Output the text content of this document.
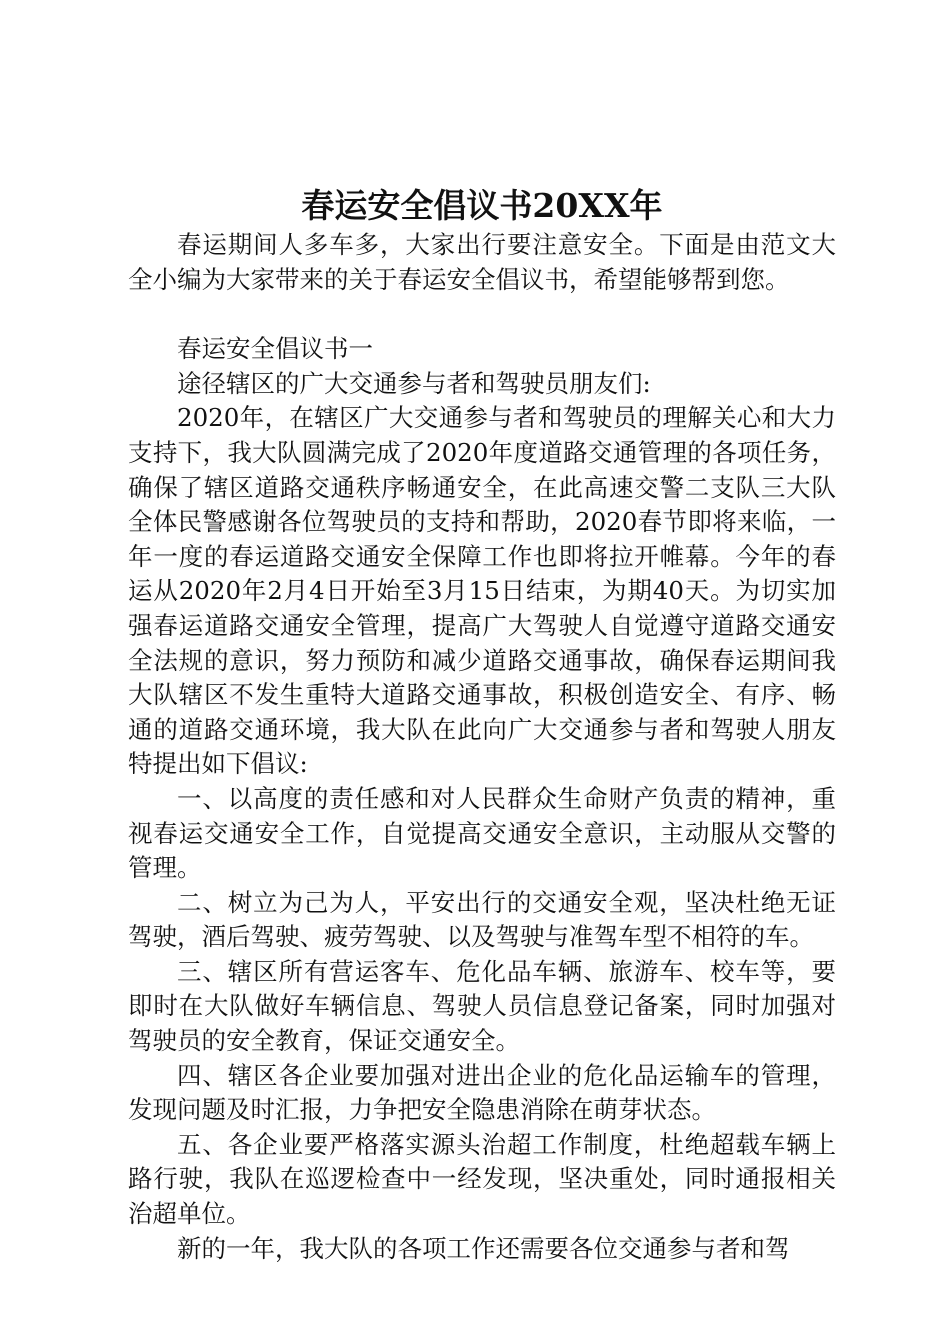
春运安全倡议书20XX年

春运期间人多车多，大家出行要注意安全。下面是由范文大全小编为大家带来的关于春运安全倡议书，希望能够帮到您。

春运安全倡议书一

途径辖区的广大交通参与者和驾驶员朋友们:

2020年，在辖区广大交通参与者和驾驶员的理解关心和大力支持下，我大队圆满完成了2020年度道路交通管理的各项任务，确保了辖区道路交通秩序畅通安全，在此高速交警二支队三大队全体民警感谢各位驾驶员的支持和帮助，2020春节即将来临，一年一度的春运道路交通安全保障工作也即将拉开帷幕。今年的春运从2020年2月4日开始至3月15日结束，为期40天。为切实加强春运道路交通安全管理，提高广大驾驶人自觉遵守道路交通安全法规的意识，努力预防和减少道路交通事故，确保春运期间我大队辖区不发生重特大道路交通事故，积极创造安全、有序、畅通的道路交通环境，我大队在此向广大交通参与者和驾驶人朋友特提出如下倡议:

一、以高度的责任感和对人民群众生命财产负责的精神，重视春运交通安全工作，自觉提高交通安全意识，主动服从交警的管理。

二、树立为己为人，平安出行的交通安全观，坚决杜绝无证驾驶，酒后驾驶、疲劳驾驶、以及驾驶与准驾车型不相符的车。

三、辖区所有营运客车、危化品车辆、旅游车、校车等，要即时在大队做好车辆信息、驾驶人员信息登记备案，同时加强对驾驶员的安全教育，保证交通安全。

四、辖区各企业要加强对进出企业的危化品运输车的管理，发现问题及时汇报，力争把安全隐患消除在萌芽状态。

五、各企业要严格落实源头治超工作制度，杜绝超载车辆上路行驶，我队在巡逻检查中一经发现，坚决重处，同时通报相关治超单位。

新的一年，我大队的各项工作还需要各位交通参与者和驾
